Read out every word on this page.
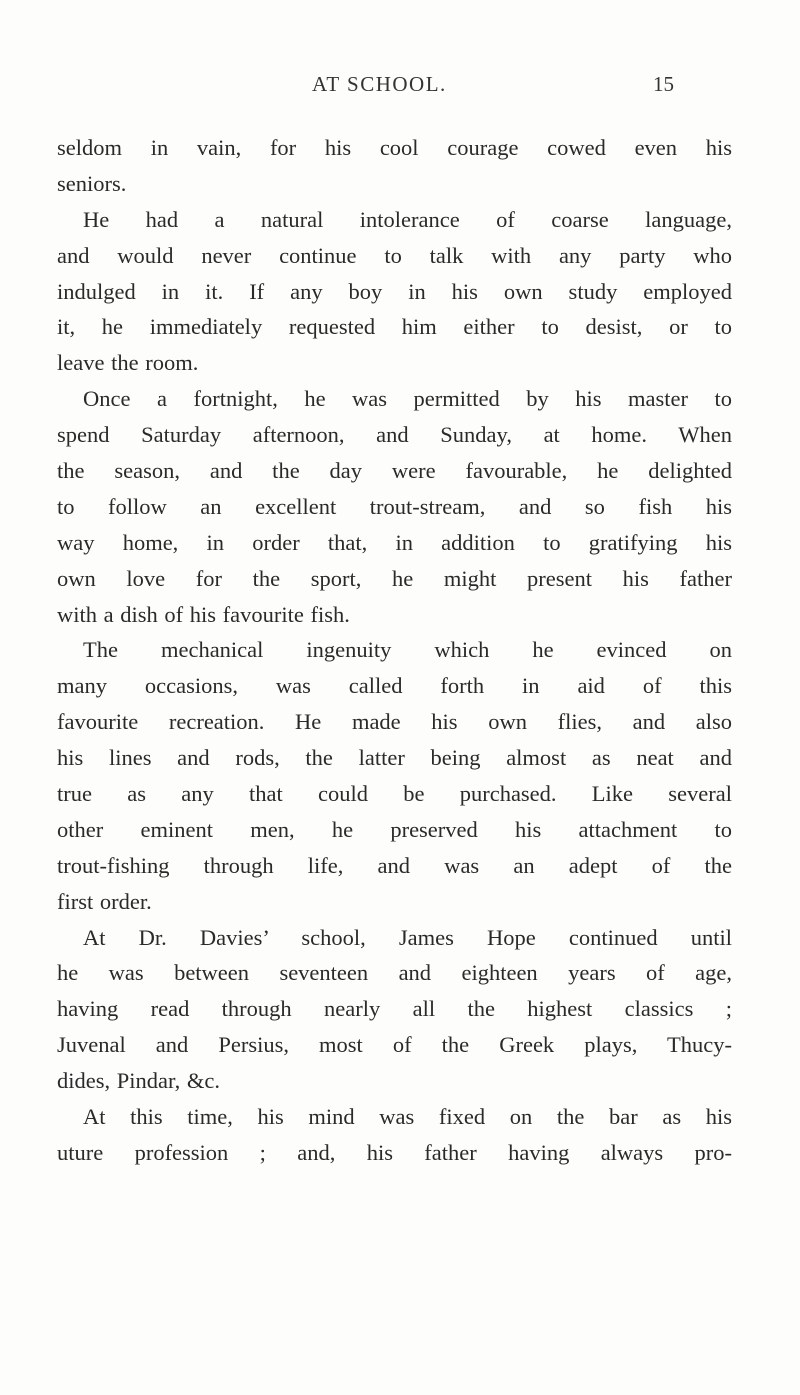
AT SCHOOL.	15
seldom in vain, for his cool courage cowed even his
seniors.
He had a natural intolerance of coarse language,
and would never continue to talk with any party who
indulged in it. If any boy in his own study employed
it, he immediately requested him either to desist, or to
leave the room.
Once a fortnight, he was permitted by his master to
spend Saturday afternoon, and Sunday, at home. When
the season, and the day were favourable, he delighted
to follow an excellent trout-stream, and so fish his
way home, in order that, in addition to gratifying his
own love for the sport, he might present his father
with a dish of his favourite fish.
The mechanical ingenuity which he evinced on
many occasions, was called forth in aid of this
favourite recreation. He made his own flies, and also
his lines and rods, the latter being almost as neat and
true as any that could be purchased. Like several
other eminent men, he preserved his attachment to
trout-fishing through life, and was an adept of the
first order.
At Dr. Davies’ school, James Hope continued until
he was between seventeen and eighteen years of age,
having read through nearly all the highest classics ;
Juvenal and Persius, most of the Greek plays, Thucy-
dides, Pindar, &c.
At this time, his mind was fixed on the bar as his
uture profession ; and, his father having always pro-
